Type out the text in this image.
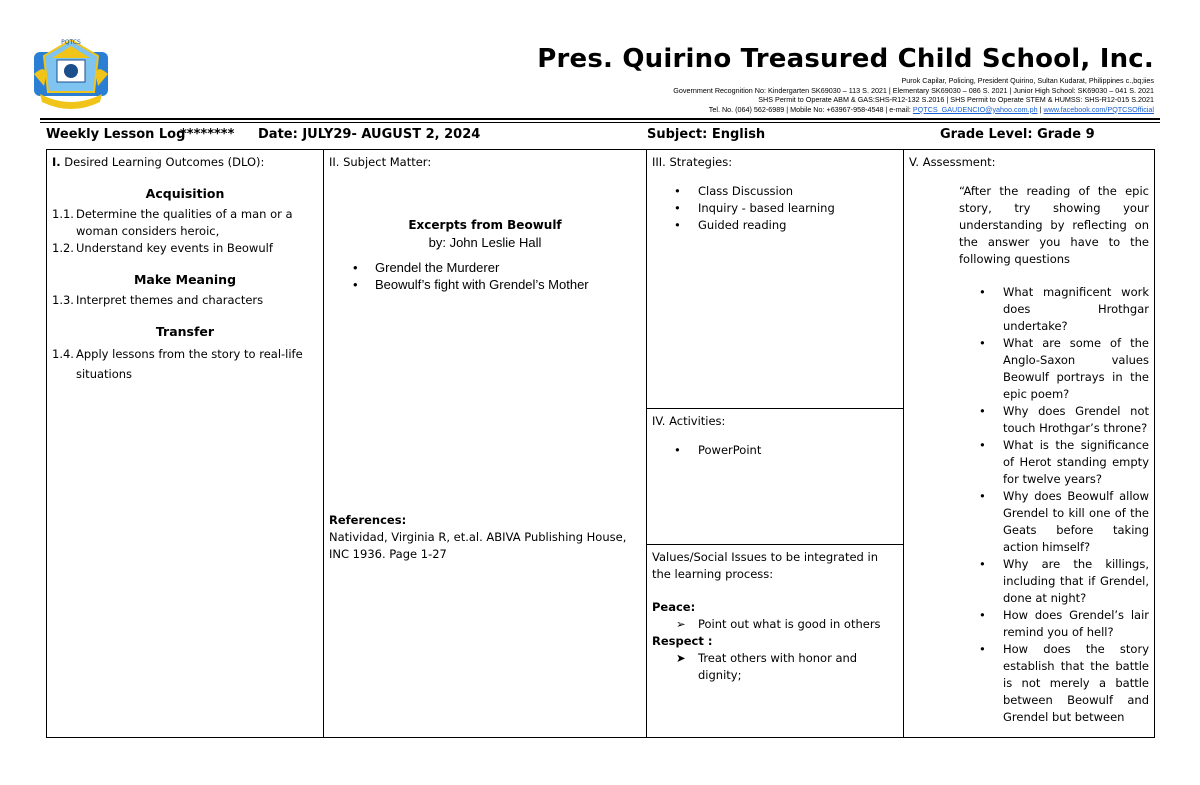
PQTCS
Pres. Quirino Treasured Child School, Inc.
Purok Capilar, Policing, President Quirino, Sultan Kudarat, Philippines c.,bq;iies
Government Recognition No: Kindergarten SK69030 – 113 S. 2021 | Elementary SK69030 – 086 S. 2021 | Junior High School: SK69030 – 041 S. 2021
SHS Permit to Operate ABM & GAS:SHS-R12-132 S.2016 | SHS Permit to Operate STEM & HUMSS: SHS-R12-015 S.2021
Tel. No. (064) 562-6989 | Mobile No: +63967-958-4548 | e-mail: PQTCS_GAUDENCIO@yahoo.com.ph | www.facebook.com/PQTCSOfficial
Weekly Lesson Log
******** Date: JULY29- AUGUST 2, 2024	Subject: English	Grade Level: Grade 9
I. Desired Learning Outcomes (DLO):
Acquisition
1.1. Determine the qualities of a man or a woman considers heroic,
1.2. Understand key events in Beowulf
Make Meaning
1.3. Interpret themes and characters
Transfer
1.4. Apply lessons from the story to real-life situations

II. Subject Matter:
Excerpts from Beowulf
by: John Leslie Hall
•	Grendel the Murderer
•	Beowulf’s fight with Grendel’s Mother
References:
Natividad, Virginia R, et.al. ABIVA Publishing House, INC 1936. Page 1-27

III. Strategies:
•	Class Discussion
•	Inquiry - based learning
•	Guided reading

V. Assessment:
“After the reading of the epic story, try showing your understanding by reflecting on the answer you have to the following questions
•	What magnificent work does Hrothgar undertake?
•	What are some of the Anglo-Saxon values Beowulf portrays in the epic poem?
•	Why does Grendel not touch Hrothgar’s throne?
•	What is the significance of Herot standing empty for twelve years?
•	Why does Beowulf allow Grendel to kill one of the Geats before taking action himself?
•	Why are the killings, including that if Grendel, done at night?
•	How does Grendel’s lair remind you of hell?
•	How does the story establish that the battle is not merely a battle between Beowulf and Grendel but between

IV. Activities:
•	PowerPoint

Values/Social Issues to be integrated in the learning process:
Peace:
➢	Point out what is good in others
Respect :
➤	Treat others with honor and dignity;
